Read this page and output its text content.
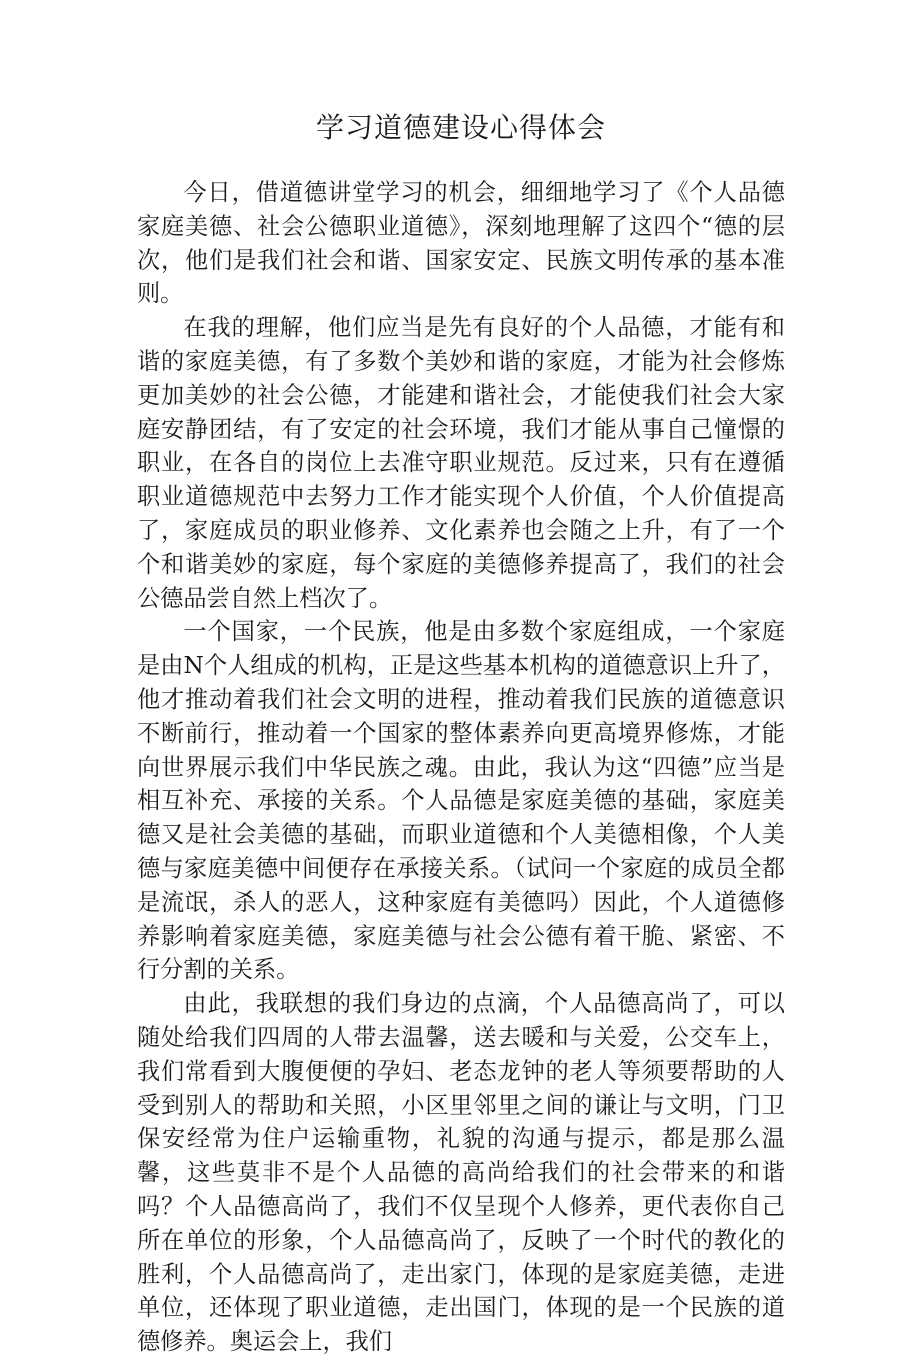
学习道德建设心得体会

今日，借道德讲堂学习的机会，细细地学习了《个人品德家庭美德、社会公德职业道德》，深刻地理解了这四个“德的层次，他们是我们社会和谐、国家安定、民族文明传承的基本准则。

在我的理解，他们应当是先有良好的个人品德，才能有和谐的家庭美德，有了多数个美妙和谐的家庭，才能为社会修炼更加美妙的社会公德，才能建和谐社会，才能使我们社会大家庭安静团结，有了安定的社会环境，我们才能从事自己憧憬的职业，在各自的岗位上去准守职业规范。反过来，只有在遵循职业道德规范中去努力工作才能实现个人价值，个人价值提高了，家庭成员的职业修养、文化素养也会随之上升，有了一个个和谐美妙的家庭，每个家庭的美德修养提高了，我们的社会公德品尝自然上档次了。

一个国家，一个民族，他是由多数个家庭组成，一个家庭是由N个人组成的机构，正是这些基本机构的道德意识上升了，他才推动着我们社会文明的进程，推动着我们民族的道德意识不断前行，推动着一个国家的整体素养向更高境界修炼，才能向世界展示我们中华民族之魂。由此，我认为这“四德”应当是相互补充、承接的关系。个人品德是家庭美德的基础，家庭美德又是社会美德的基础，而职业道德和个人美德相像，个人美德与家庭美德中间便存在承接关系。（试问一个家庭的成员全都是流氓，杀人的恶人，这种家庭有美德吗）因此，个人道德修养影响着家庭美德，家庭美德与社会公德有着干脆、紧密、不行分割的关系。

由此，我联想的我们身边的点滴，个人品德高尚了，可以随处给我们四周的人带去温馨，送去暖和与关爱，公交车上，我们常看到大腹便便的孕妇、老态龙钟的老人等须要帮助的人受到别人的帮助和关照，小区里邻里之间的谦让与文明，门卫保安经常为住户运输重物，礼貌的沟通与提示，都是那么温馨，这些莫非不是个人品德的高尚给我们的社会带来的和谐吗？个人品德高尚了，我们不仅呈现个人修养，更代表你自己所在单位的形象，个人品德高尚了，反映了一个时代的教化的胜利，个人品德高尚了，走出家门，体现的是家庭美德，走进单位，还体现了职业道德，走出国门，体现的是一个民族的道德修养。奥运会上，我们
